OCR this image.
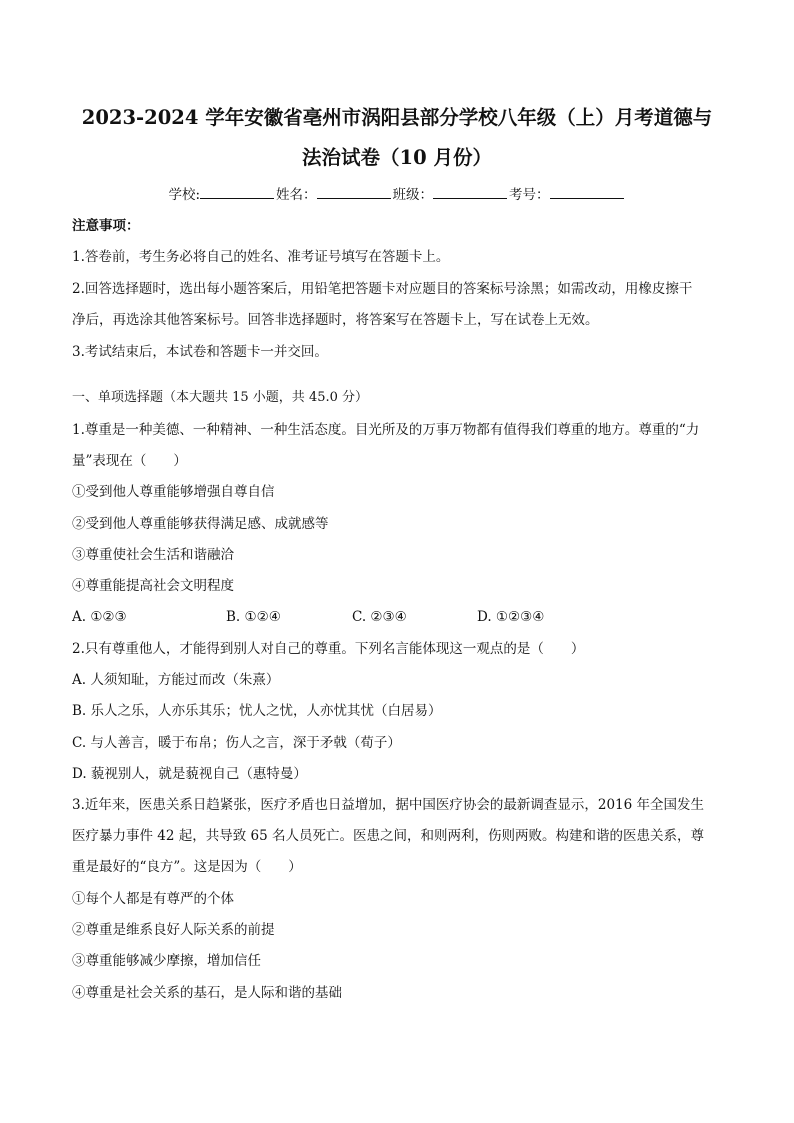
2023-2024 学年安徽省亳州市涡阳县部分学校八年级（上）月考道德与
法治试卷（10 月份）
学校:	姓名：	班级：	考号：
注意事项：
1.答卷前，考生务必将自己的姓名、准考证号填写在答题卡上。
2.回答选择题时，选出每小题答案后，用铅笔把答题卡对应题目的答案标号涂黑；如需改动，用橡皮擦干
净后，再选涂其他答案标号。回答非选择题时，将答案写在答题卡上，写在试卷上无效。
3.考试结束后，本试卷和答题卡一并交回。
一、单项选择题（本大题共 15 小题，共 45.0 分）
1.尊重是一种美德、一种精神、一种生活态度。目光所及的万事万物都有值得我们尊重的地方。尊重的“力
量”表现在（　　）
①受到他人尊重能够增强自尊自信
②受到他人尊重能够获得满足感、成就感等
③尊重使社会生活和谐融洽
④尊重能提高社会文明程度
A. ①②③	B. ①②④	C. ②③④	D. ①②③④
2.只有尊重他人，才能得到别人对自己的尊重。下列名言能体现这一观点的是（　　）
A. 人须知耻，方能过而改（朱熹）
B. 乐人之乐，人亦乐其乐；忧人之忧，人亦忧其忧（白居易）
C. 与人善言，暖于布帛；伤人之言，深于矛戟（荀子）
D. 藐视别人，就是藐视自己（惠特曼）
3.近年来，医患关系日趋紧张，医疗矛盾也日益增加，据中国医疗协会的最新调查显示，2016 年全国发生
医疗暴力事件 42 起，共导致 65 名人员死亡。医患之间，和则两利，伤则两败。构建和谐的医患关系，尊
重是最好的“良方”。这是因为（　　）
①每个人都是有尊严的个体
②尊重是维系良好人际关系的前提
③尊重能够减少摩擦，增加信任
④尊重是社会关系的基石，是人际和谐的基础
